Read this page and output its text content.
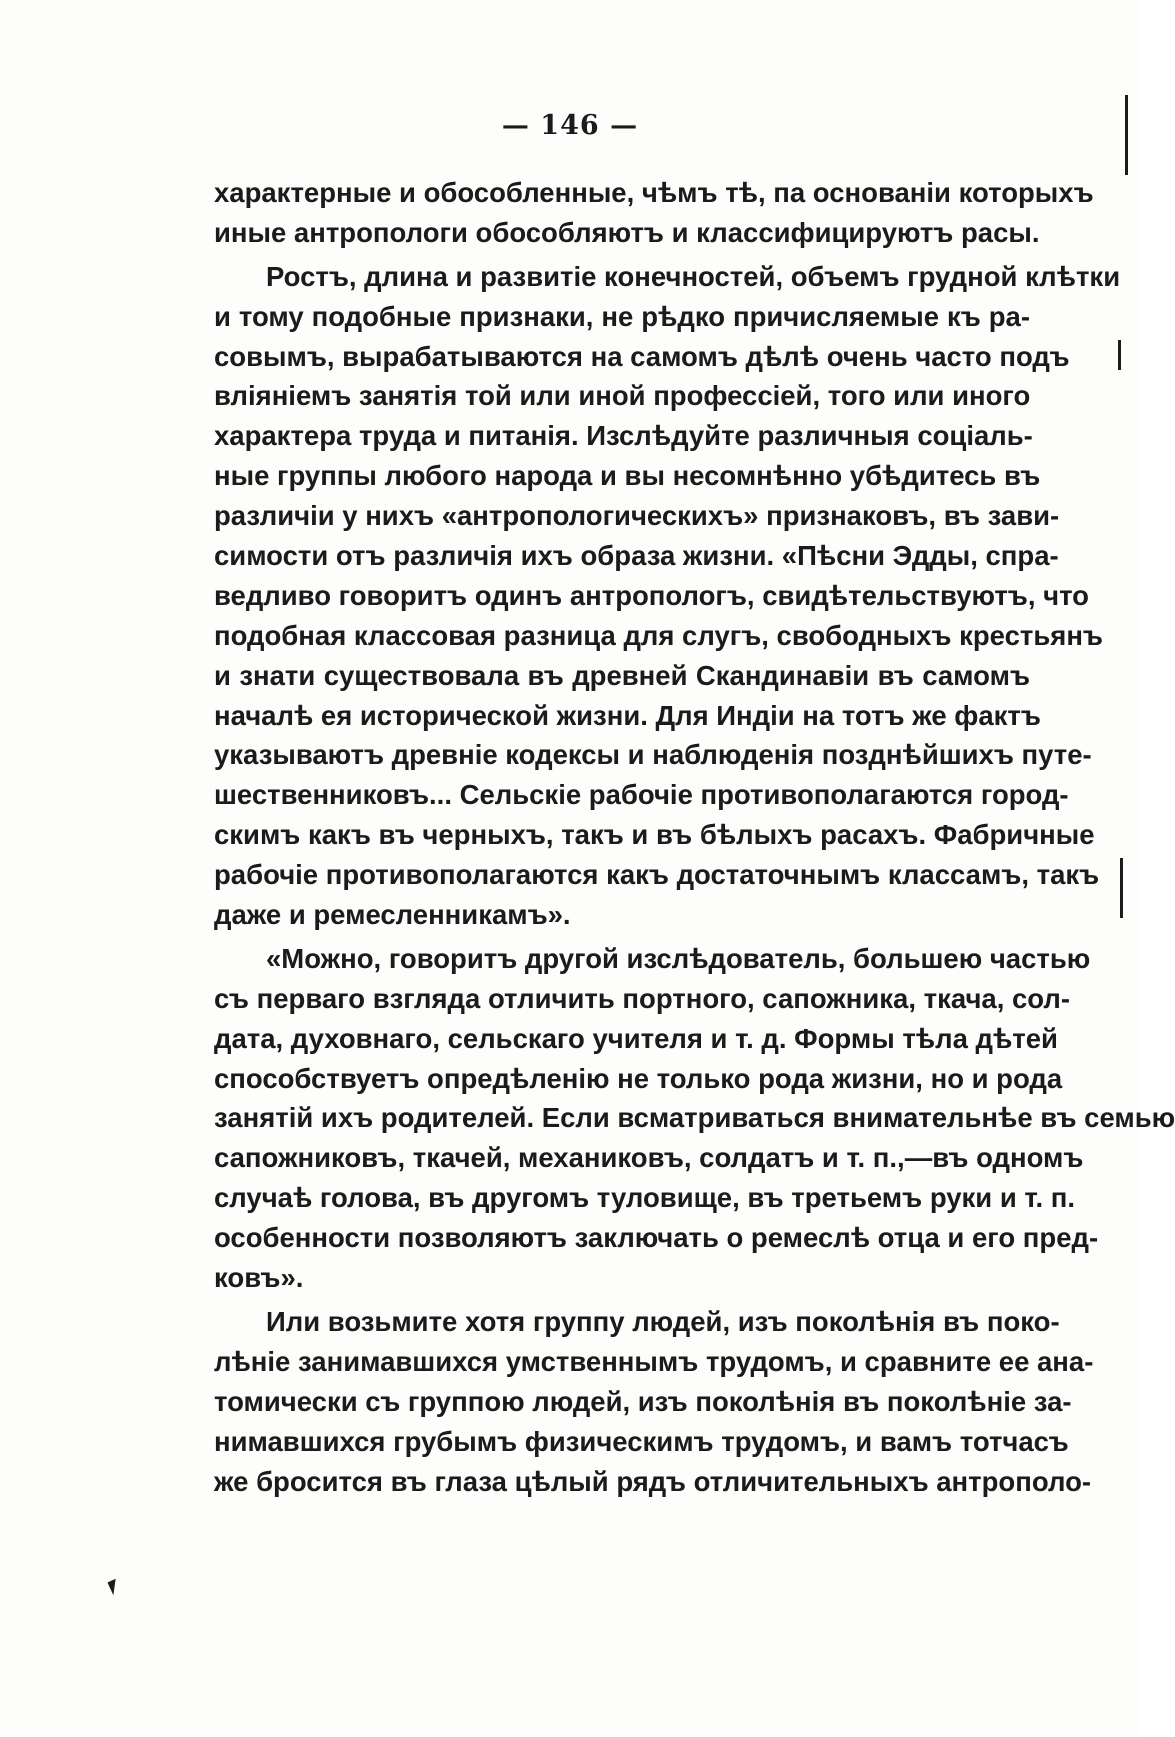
— 146 —
характерные и обособленные, чѣмъ тѣ, па основанiи которыхъ
иные антропологи обособляютъ и классифицируютъ расы.
Ростъ, длина и развитiе конечностей, объемъ грудной клѣтки
и тому подобные признаки, не рѣдко причисляемые къ ра-
совымъ, вырабатываются на самомъ дѣлѣ очень часто подъ
влiянiемъ занятiя той или иной профессiей, того или иного
характера труда и питанiя. Изслѣдуйте различныя соцiаль-
ные группы любого народа и вы несомнѣнно убѣдитесь въ
различiи у нихъ «антропологическихъ» признаковъ, въ зави-
симости отъ различiя ихъ образа жизни. «Пѣсни Эдды, спра-
ведливо говоритъ одинъ антропологъ, свидѣтельствуютъ, что
подобная классовая разница для слугъ, свободныхъ крестьянъ
и знати существовала въ древней Скандинавiи въ самомъ
началѣ ея исторической жизни. Для Индiи на тотъ же фактъ
указываютъ древнiе кодексы и наблюденiя позднѣйшихъ путе-
шественниковъ... Сельскiе рабочiе противополагаются город-
скимъ какъ въ черныхъ, такъ и въ бѣлыхъ расахъ. Фабричные
рабочiе противополагаются какъ достаточнымъ классамъ, такъ
даже и ремесленникамъ».
«Можно, говоритъ другой изслѣдователь, большею частью
съ перваго взгляда отличить портного, сапожника, ткача, сол-
дата, духовнаго, сельскаго учителя и т. д. Формы тѣла дѣтей
способствуетъ опредѣленiю не только рода жизни, но и рода
занятiй ихъ родителей. Если всматриваться внимательнѣе въ семью
сапожниковъ, ткачей, механиковъ, солдатъ и т. п.,—въ одномъ
случаѣ голова, въ другомъ туловище, въ третьемъ руки и т. п.
особенности позволяютъ заключать о ремеслѣ отца и его пред-
ковъ».
Или возьмите хотя группу людей, изъ поколѣнiя въ поко-
лѣнiе занимавшихся умственнымъ трудомъ, и сравните ее ана-
томически съ группою людей, изъ поколѣнiя въ поколѣнiе за-
нимавшихся грубымъ физическимъ трудомъ, и вамъ тотчасъ
же бросится въ глаза цѣлый рядъ отличительныхъ антрополо-
